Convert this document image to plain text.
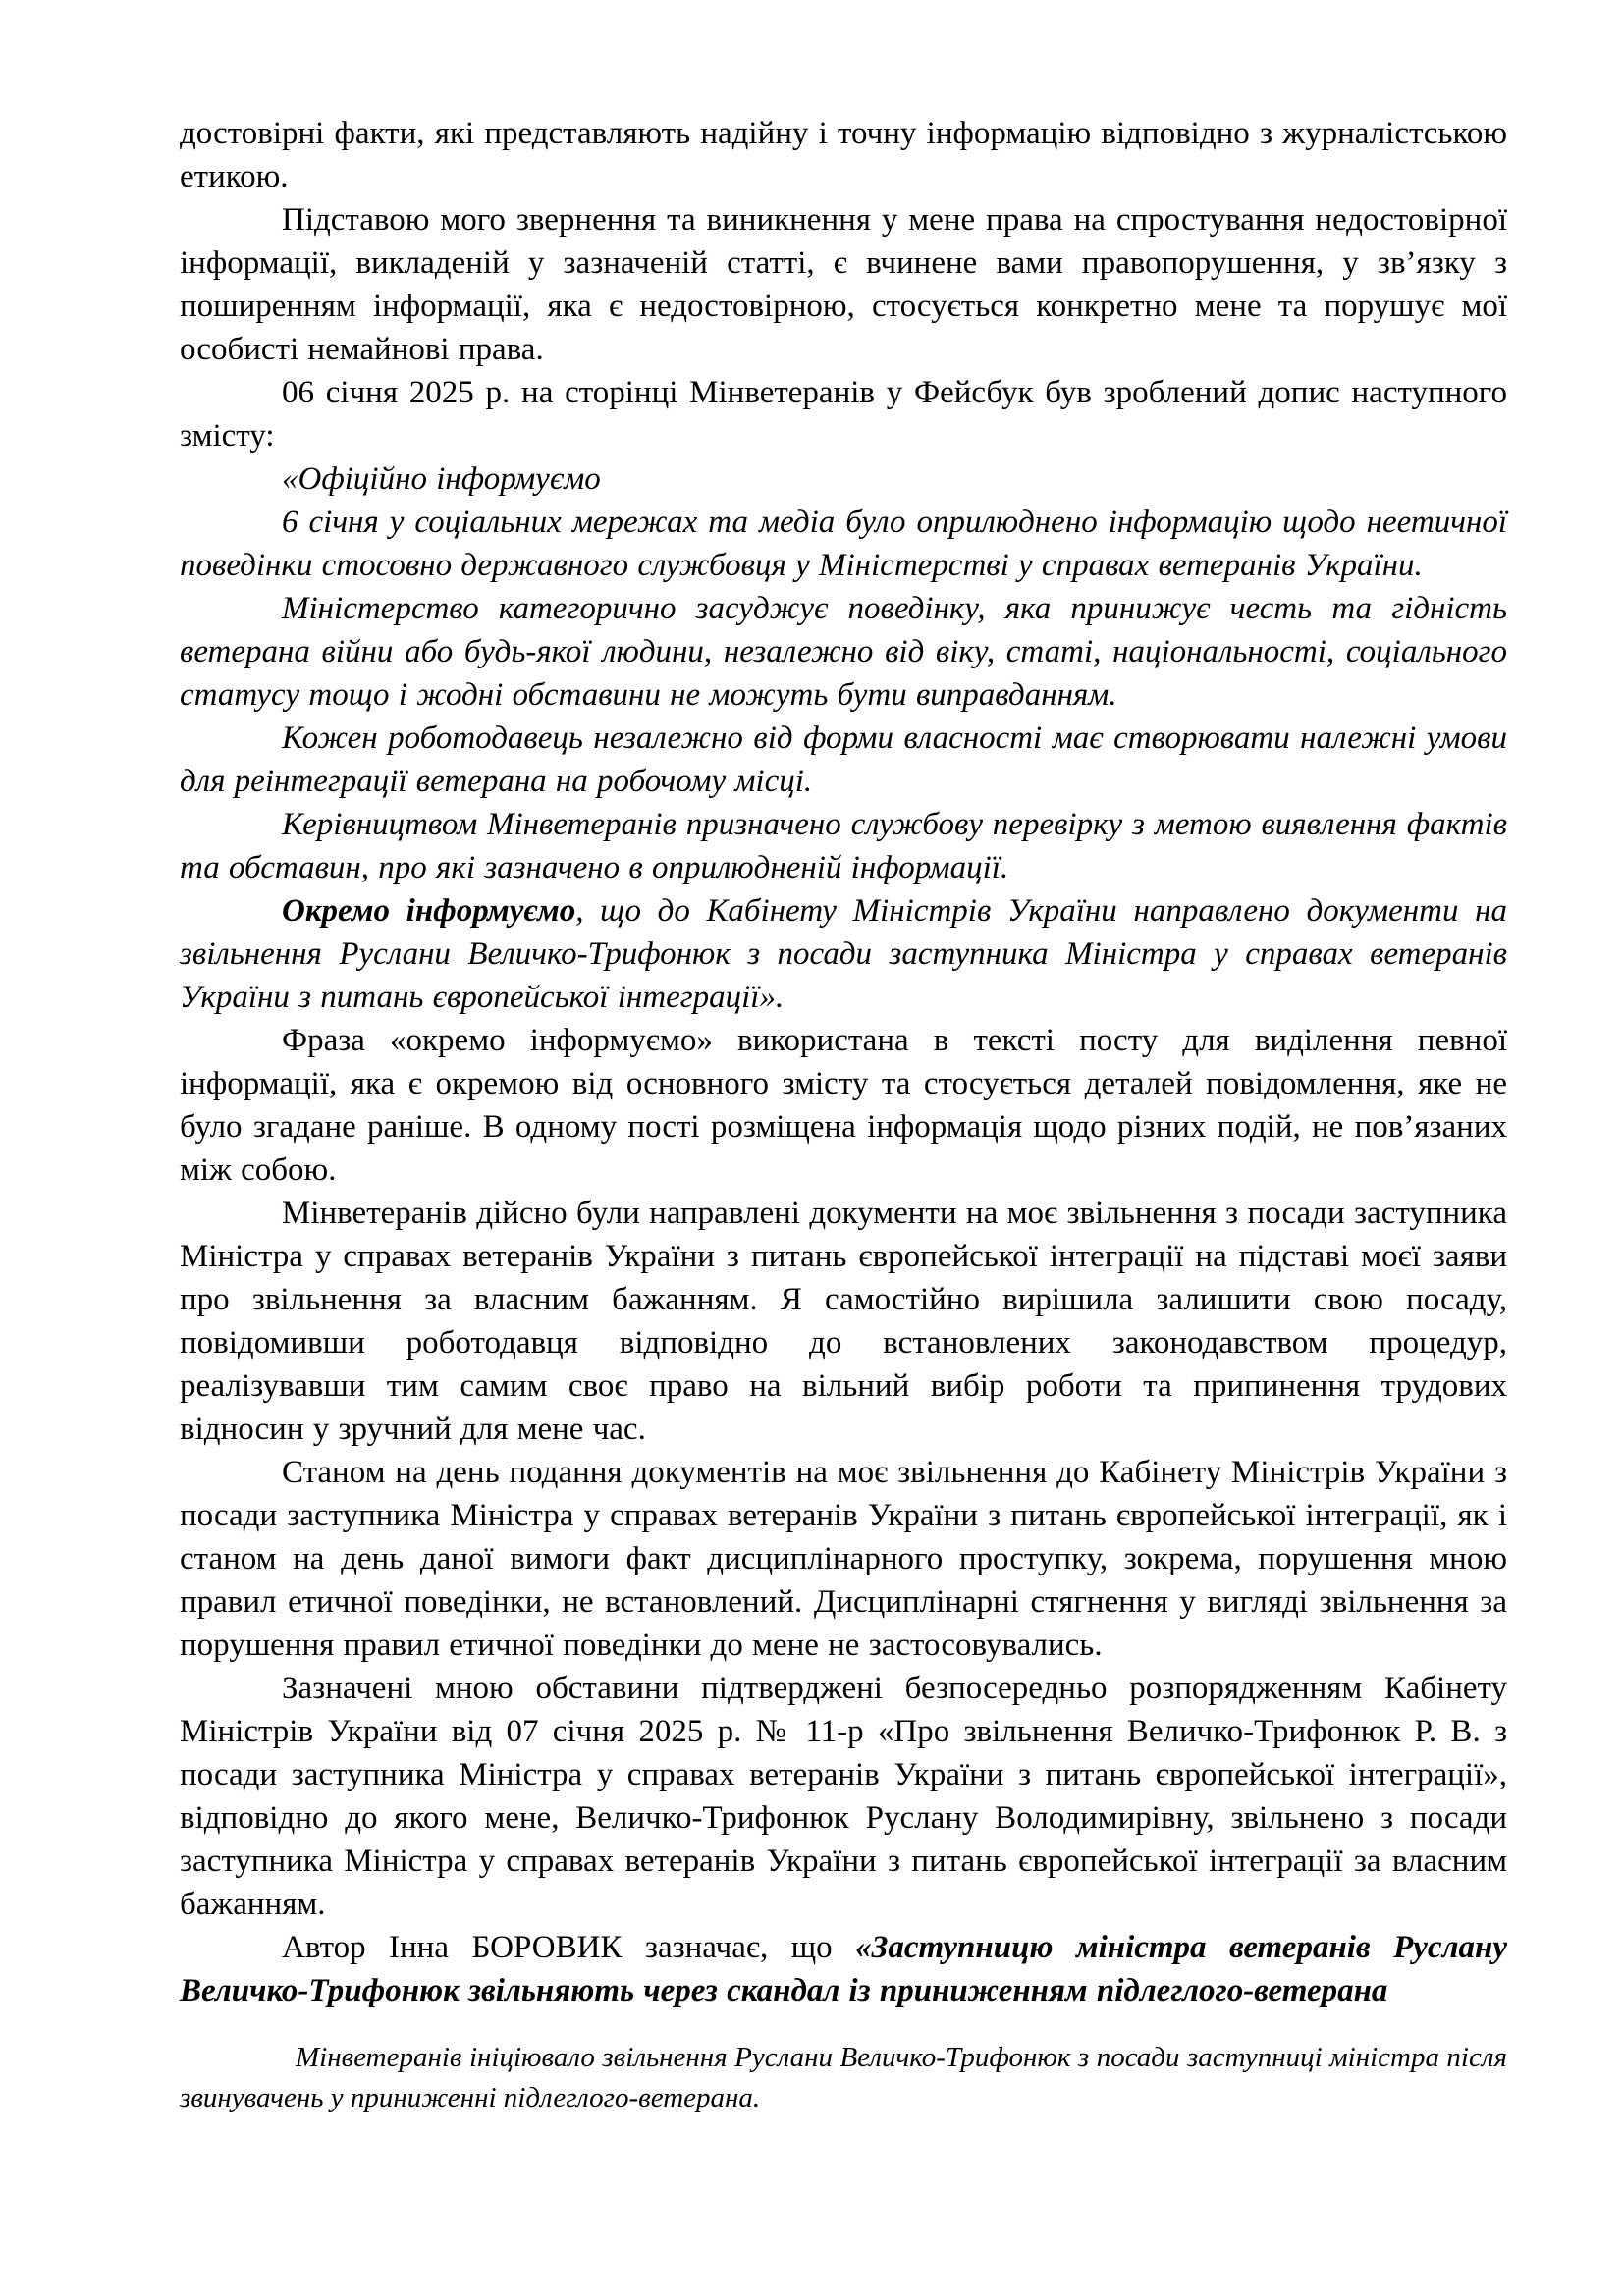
достовірні факти, які представляють надійну і точну інформацію відповідно з журналістською етикою.

Підставою мого звернення та виникнення у мене права на спростування недостовірної інформації, викладеній у зазначеній статті, є вчинене вами правопорушення, у зв’язку з поширенням інформації, яка є недостовірною, стосується конкретно мене та порушує мої особисті немайнові права.

06 січня 2025 р. на сторінці Мінветеранів у Фейсбук був зроблений допис наступного змісту:

«Офіційно інформуємо

6 січня у соціальних мережах та медіа було оприлюднено інформацію щодо неетичної поведінки стосовно державного службовця у Міністерстві у справах ветеранів України.

Міністерство категорично засуджує поведінку, яка принижує честь та гідність ветерана війни або будь-якої людини, незалежно від віку, статі, національності, соціального статусу тощо і жодні обставини не можуть бути виправданням.

Кожен роботодавець незалежно від форми власності має створювати належні умови для реінтеграції ветерана на робочому місці.

Керівництвом Мінветеранів призначено службову перевірку з метою виявлення фактів та обставин, про які зазначено в оприлюдненій інформації.

Окремо інформуємо, що до Кабінету Міністрів України направлено документи на звільнення Руслани Величко-Трифонюк з посади заступника Міністра у справах ветеранів України з питань європейської інтеграції».

Фраза «окремо інформуємо» використана в тексті посту для виділення певної інформації, яка є окремою від основного змісту та стосується деталей повідомлення, яке не було згадане раніше. В одному пості розміщена інформація щодо різних подій, не пов’язаних між собою.

Мінветеранів дійсно були направлені документи на моє звільнення з посади заступника Міністра у справах ветеранів України з питань європейської інтеграції на підставі моєї заяви про звільнення за власним бажанням. Я самостійно вирішила залишити свою посаду, повідомивши роботодавця відповідно до встановлених законодавством процедур, реалізувавши тим самим своє право на вільний вибір роботи та припинення трудових відносин у зручний для мене час.

Станом на день подання документів на моє звільнення до Кабінету Міністрів України з посади заступника Міністра у справах ветеранів України з питань європейської інтеграції, як і станом на день даної вимоги факт дисциплінарного проступку, зокрема, порушення мною правил етичної поведінки, не встановлений. Дисциплінарні стягнення у вигляді звільнення за порушення правил етичної поведінки до мене не застосовувались.

Зазначені мною обставини підтверджені безпосередньо розпорядженням Кабінету Міністрів України від 07 січня 2025 р. № 11-р «Про звільнення Величко-Трифонюк Р. В. з посади заступника Міністра у справах ветеранів України з питань європейської інтеграції», відповідно до якого мене, Величко-Трифонюк Руслану Володимирівну, звільнено з посади заступника Міністра у справах ветеранів України з питань європейської інтеграції за власним бажанням.

Автор Інна БОРОВИК зазначає, що «Заступницю міністра ветеранів Руслану Величко-Трифонюк звільняють через скандал із приниженням підлеглого-ветерана

Мінветеранів ініціювало звільнення Руслани Величко-Трифонюк з посади заступниці міністра після звинувачень у приниженні підлеглого-ветерана.
